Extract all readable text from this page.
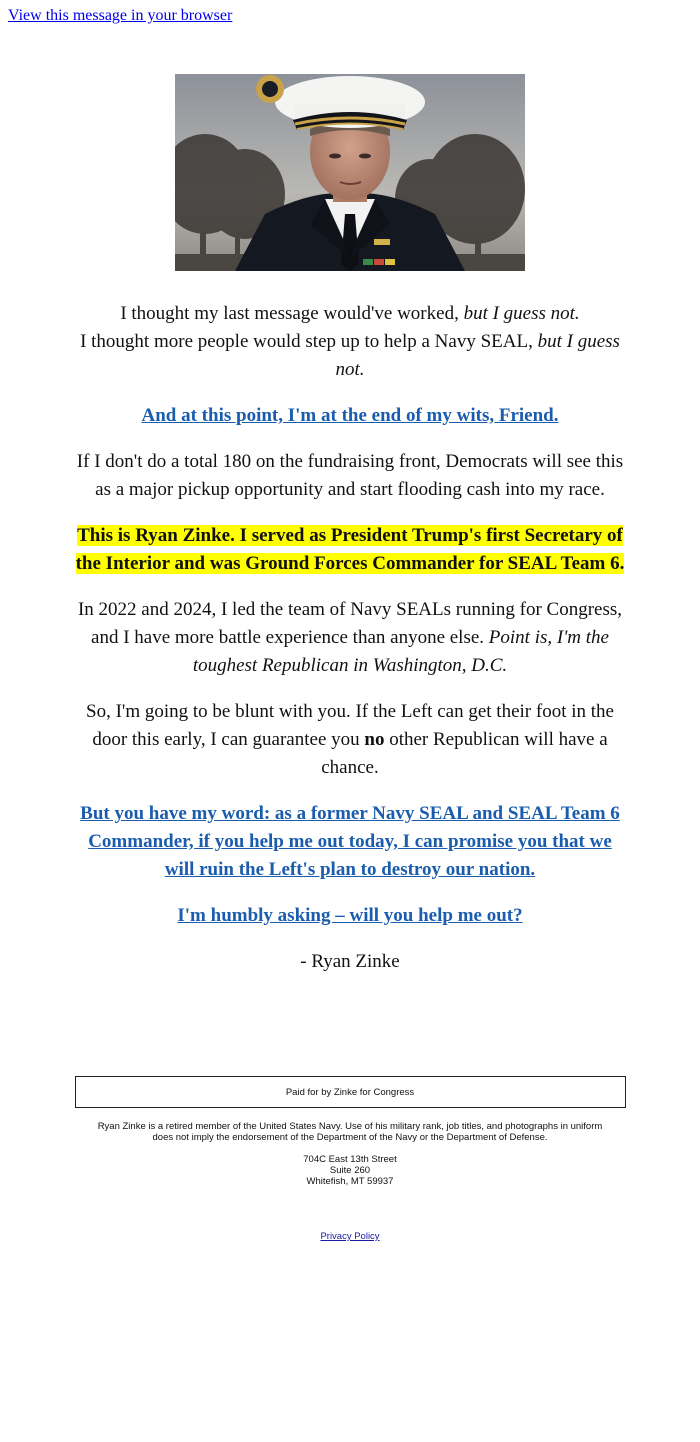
View this message in your browser

I thought my last message would've worked, but I guess not.
I thought more people would step up to help a Navy SEAL, but I guess not.

And at this point, I'm at the end of my wits, Friend.

If I don't do a total 180 on the fundraising front, Democrats will see this as a major pickup opportunity and start flooding cash into my race.

This is Ryan Zinke. I served as President Trump's first Secretary of the Interior and was Ground Forces Commander for SEAL Team 6.

In 2022 and 2024, I led the team of Navy SEALs running for Congress, and I have more battle experience than anyone else. Point is, I'm the toughest Republican in Washington, D.C.

So, I'm going to be blunt with you. If the Left can get their foot in the door this early, I can guarantee you no other Republican will have a chance.

But you have my word: as a former Navy SEAL and SEAL Team 6 Commander, if you help me out today, I can promise you that we will ruin the Left's plan to destroy our nation.

I'm humbly asking – will you help me out?

- Ryan Zinke

Paid for by Zinke for Congress
Ryan Zinke is a retired member of the United States Navy. Use of his military rank, job titles, and photographs in uniform does not imply the endorsement of the Department of the Navy or the Department of Defense.
704C East 13th Street
Suite 260
Whitefish, MT 59937
Privacy Policy
